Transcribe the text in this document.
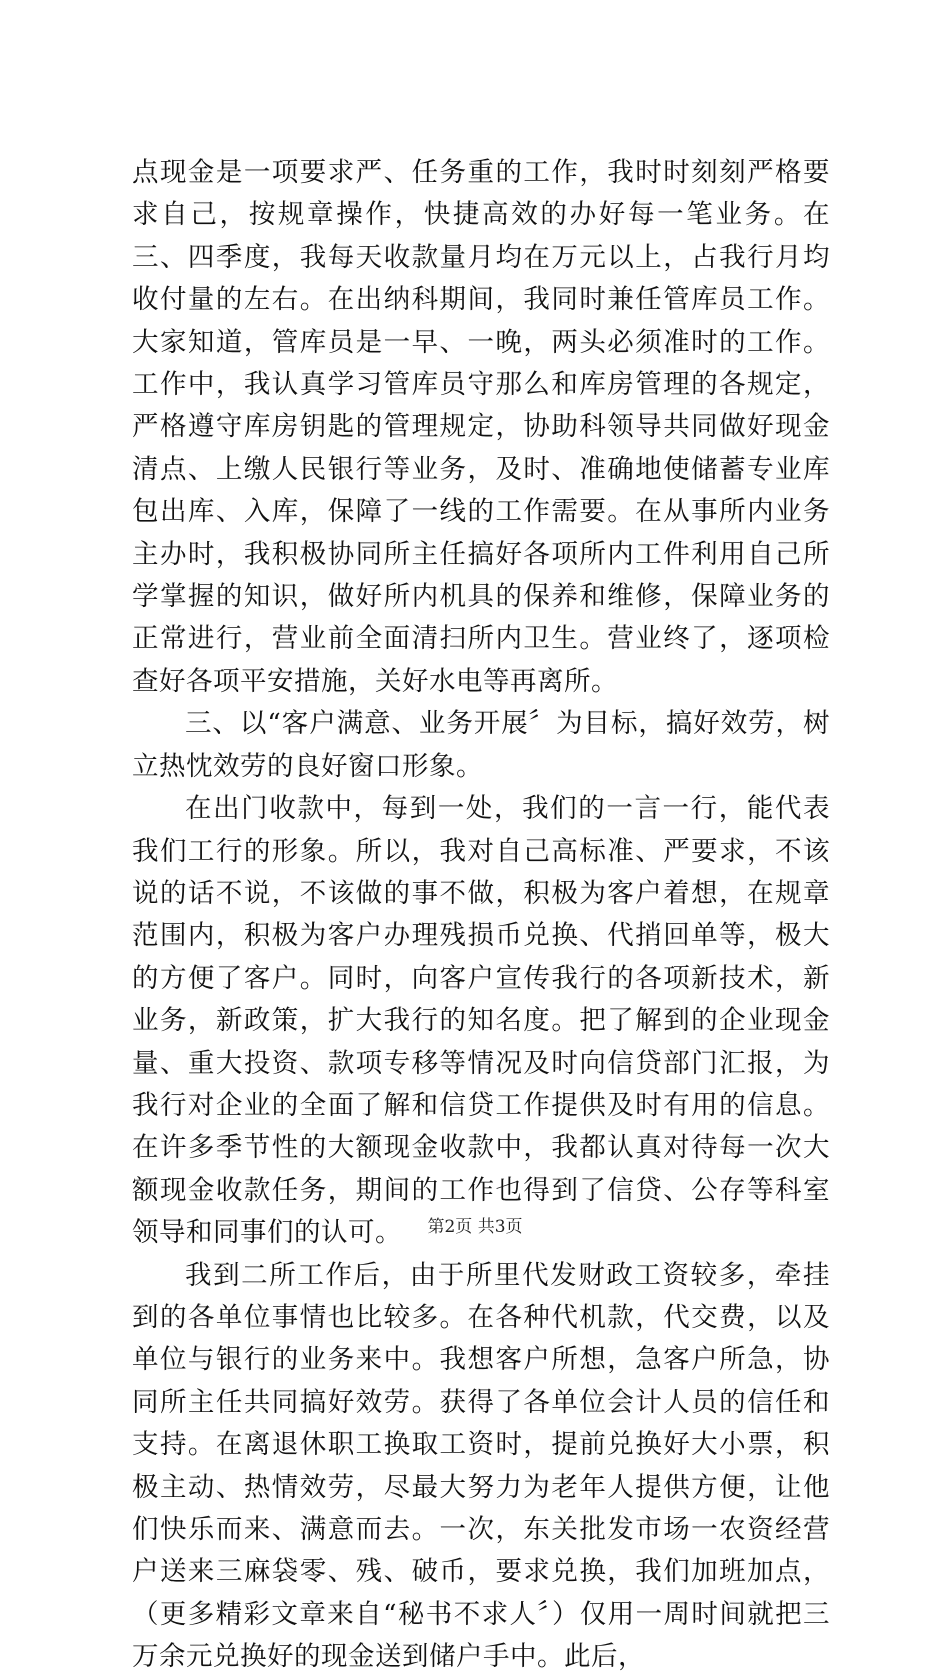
点现金是一项要求严、任务重的工作，我时时刻刻严格要求自己，按规章操作，快捷高效的办好每一笔业务。在三、四季度，我每天收款量月均在万元以上，占我行月均收付量的左右。在出纳科期间，我同时兼任管库员工作。大家知道，管库员是一早、一晚，两头必须准时的工作。工作中，我认真学习管库员守那么和库房管理的各规定，严格遵守库房钥匙的管理规定，协助科领导共同做好现金清点、上缴人民银行等业务，及时、准确地使储蓄专业库包出库、入库，保障了一线的工作需要。在从事所内业务主办时，我积极协同所主任搞好各项所内工件利用自己所学掌握的知识，做好所内机具的保养和维修，保障业务的正常进行，营业前全面清扫所内卫生。营业终了，逐项检查好各项平安措施，关好水电等再离所。

三、以“客户满意、业务开展〞为目标，搞好效劳，树立热忱效劳的良好窗口形象。

在出门收款中，每到一处，我们的一言一行，能代表我们工行的形象。所以，我对自己高标准、严要求，不该说的话不说，不该做的事不做，积极为客户着想，在规章范围内，积极为客户办理残损币兑换、代捎回单等，极大的方便了客户。同时，向客户宣传我行的各项新技术，新业务，新政策，扩大我行的知名度。把了解到的企业现金量、重大投资、款项专移等情况及时向信贷部门汇报，为我行对企业的全面了解和信贷工作提供及时有用的信息。在许多季节性的大额现金收款中，我都认真对待每一次大额现金收款任务，期间的工作也得到了信贷、公存等科室领导和同事们的认可。

我到二所工作后，由于所里代发财政工资较多，牵挂到的各单位事情也比较多。在各种代机款，代交费，以及单位与银行的业务来中。我想客户所想，急客户所急，协同所主任共同搞好效劳。获得了各单位会计人员的信任和支持。在离退休职工换取工资时，提前兑换好大小票，积极主动、热情效劳，尽最大努力为老年人提供方便，让他们快乐而来、满意而去。一次，东关批发市场一农资经营户送来三麻袋零、残、破币，要求兑换，我们加班加点，（更多精彩文章来自“秘书不求人〞）仅用一周时间就把三万余元兑换好的现金送到储户手中。此后，

第2页 共3页
